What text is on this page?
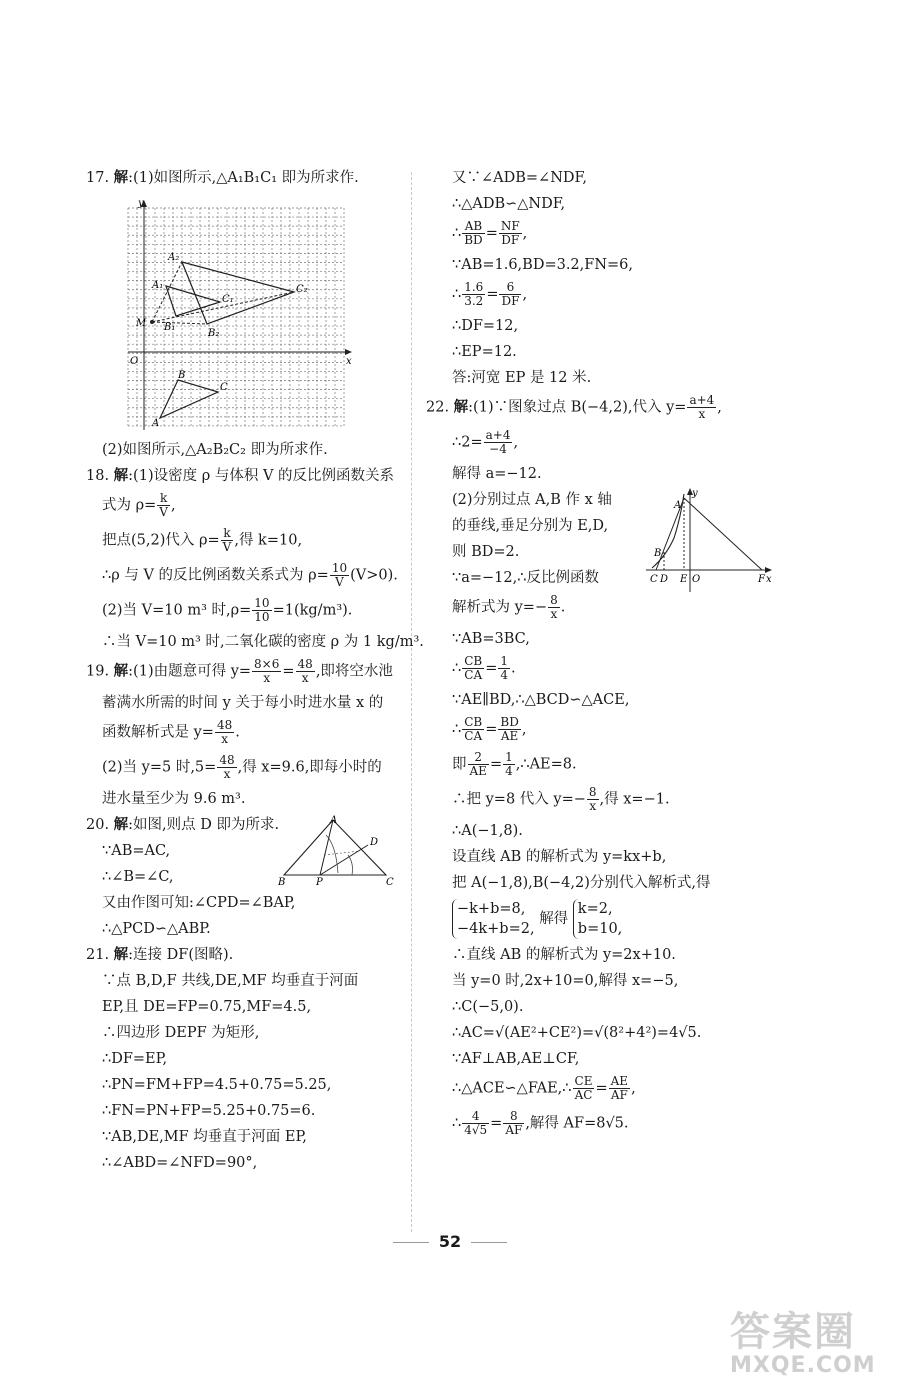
17. 解:(1)如图所示,△A₁B₁C₁ 即为所求作.
y
x
O
A₂
A₁	C₂
C₁
M B₁
B₂
A
B
C
(2)如图所示,△A₂B₂C₂ 即为所求作.
18. 解:(1)设密度 ρ 与体积 V 的反比例函数关系
式为 $\rho= \frac{k}{V}$ ,
把点(5,2)代入 $\rho= \frac{k}{V}$ ,得 k=10,
∴ρ 与 V 的反比例函数关系式为 $\rho= \frac{10}{V} (V>0)$.
(2)当 V=10 m³ 时$,\rho= \frac{10}{10} =1(kg/m^3)$.
∴当 V=10 m³ 时,二氧化碳的密度 ρ 为 1 kg/m³.
19. 解:(1)由题意可得 $y= \frac{8\times 6}{x} = \frac{48}{x}$ ,即将空水池
蓄满水所需的时间 y 关于每小时进水量 x 的
函数解析式是 $y= \frac{48}{x}$ .
(2)当 y=5 时$,5= \frac{48}{x}$ ,得 x=9.6,即每小时的
进水量至少为 9.6 m³.
20. 解:如图,则点 D 即为所求.
∵AB=AC,
∴∠B=∠C,
又由作图可知:∠CPD=∠BAP,
∴△PCD∽△ABP.
A
B	C
D
P
21. 解:连接 DF(图略).
∵点 B,D,F 共线,DE,MF 均垂直于河面
EP,且 DE=FP=0.75,MF=4.5,
∴四边形 DEPF 为矩形,
∴DF=EP,
∴PN=FM+FP=4.5+0.75=5.25,
∴FN=PN+FP=5.25+0.75=6.
∵AB,DE,MF 均垂直于河面 EP,
∴∠ABD=∠NFD=90°,
又∵∠ADB=∠NDF,
∴△ADB∽△NDF,
∴ $\frac{AB}{BD} = \frac{NF}{DF}$ ,
∵AB=1.6,BD=3.2,FN=6,
∴ $\frac{1.6}{3.2} = \frac{6}{DF}$ ,
∴DF=12,
∴EP=12.
答:河宽 EP 是 12 米.
22. 解:(1)∵图象过点 B(−4,2),代入 $y= \frac{a+4}{x}$ ,
∴2= $\frac{a+4}{-4}$ ,
解得 a=−12.
(2)分别过点 A,B 作 x 轴
的垂线,垂足分别为 E,D,
则 BD=2.
∵a=−12,∴反比例函数
解析式为 $y=- \frac{8}{x}$ .
y
A
B
C D E O	F x
∵AB=3BC,
∴ $\frac{CB}{CA} = \frac{1}{4}$ .
∵AE∥BD,∴△BCD∽△ACE,
∴ $\frac{CB}{CA} = \frac{BD}{AE}$ ,
即 $\frac{2}{AE} = \frac{1}{4}$ ,∴AE=8.
∴把 y=8 代入 $y=- \frac{8}{x}$ ,得 x=−1.
∴A(−1,8).
设直线 AB 的解析式为 y=kx+b,
把 A(−1,8),B(−4,2)分别代入解析式,得
−k+b=8,
−4k+b=2, 解得 k=2,
b=10,
∴直线 AB 的解析式为 y=2x+10.
当 y=0 时,2x+10=0,解得 x=−5,
∴C(−5,0).
∴AC=√(AE²+CE²)=√(8²+4²)=4√5.
∵AF⊥AB,AE⊥CF,
∴△ACE∽△FAE,∴ $\frac{CE}{AC} = \frac{AE}{AF}$ ,
∴ $\frac{4}{4√5} = \frac{8}{AF}$ ,解得 AF=8√5.
52
答案圈
MXQE.COM
